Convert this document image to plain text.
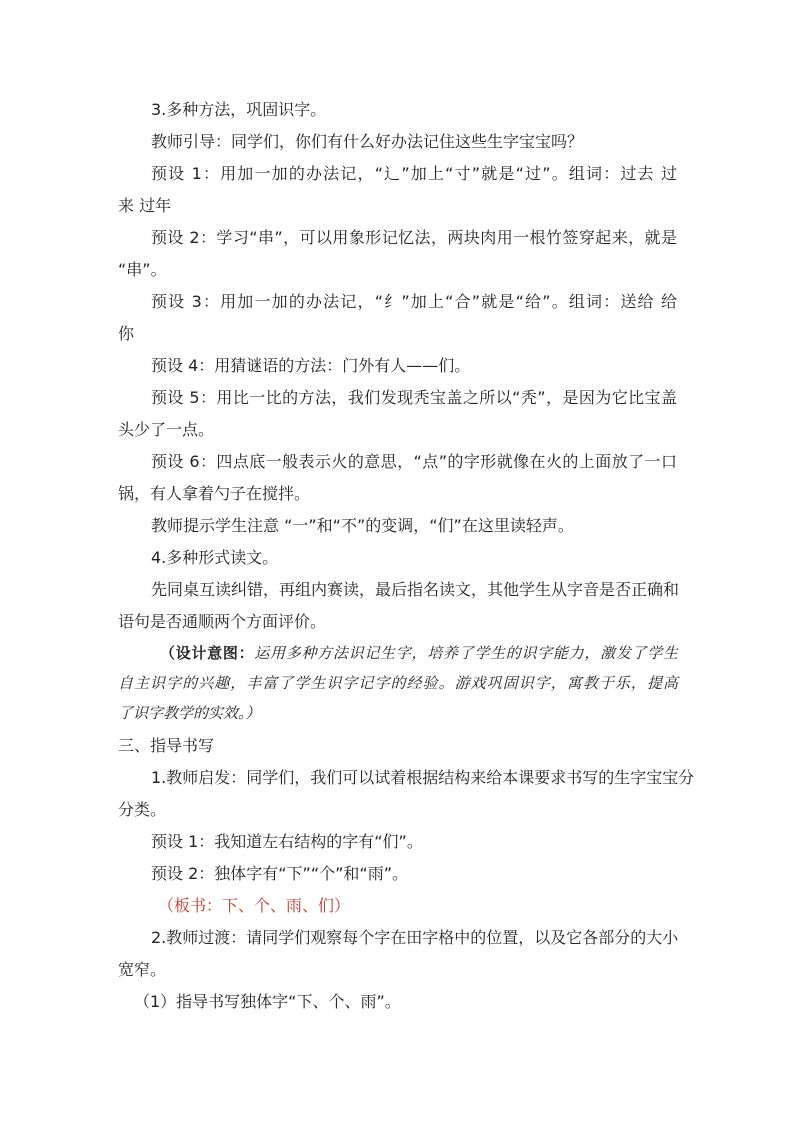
3.多种方法，巩固识字。
教师引导：同学们，你们有什么好办法记住这些生字宝宝吗？
预设 1：用加一加的办法记，“辶”加上“寸”就是“过”。组词：过去 过
来 过年
预设 2：学习“串”，可以用象形记忆法，两块肉用一根竹签穿起来，就是
“串”。
预设 3：用加一加的办法记，“纟”加上“合”就是“给”。组词：送给 给
你
预设 4：用猜谜语的方法：门外有人——们。
预设 5：用比一比的方法，我们发现秃宝盖之所以“秃”，是因为它比宝盖
头少了一点。
预设 6：四点底一般表示火的意思，“点”的字形就像在火的上面放了一口
锅，有人拿着勺子在搅拌。
教师提示学生注意 “一”和“不”的变调，“们”在这里读轻声。
4.多种形式读文。
先同桌互读纠错，再组内赛读，最后指名读文，其他学生从字音是否正确和
语句是否通顺两个方面评价。
（设计意图：运用多种方法识记生字，培养了学生的识字能力，激发了学生
自主识字的兴趣，丰富了学生识字记字的经验。游戏巩固识字，寓教于乐，提高
了识字教学的实效。）
三、指导书写
1.教师启发：同学们，我们可以试着根据结构来给本课要求书写的生字宝宝分
分类。
预设 1：我知道左右结构的字有“们”。
预设 2：独体字有“下”“个”和“雨”。
（板书：下、个、雨、们）
2.教师过渡：请同学们观察每个字在田字格中的位置，以及它各部分的大小
宽窄。
（1）指导书写独体字“下、个、雨”。
